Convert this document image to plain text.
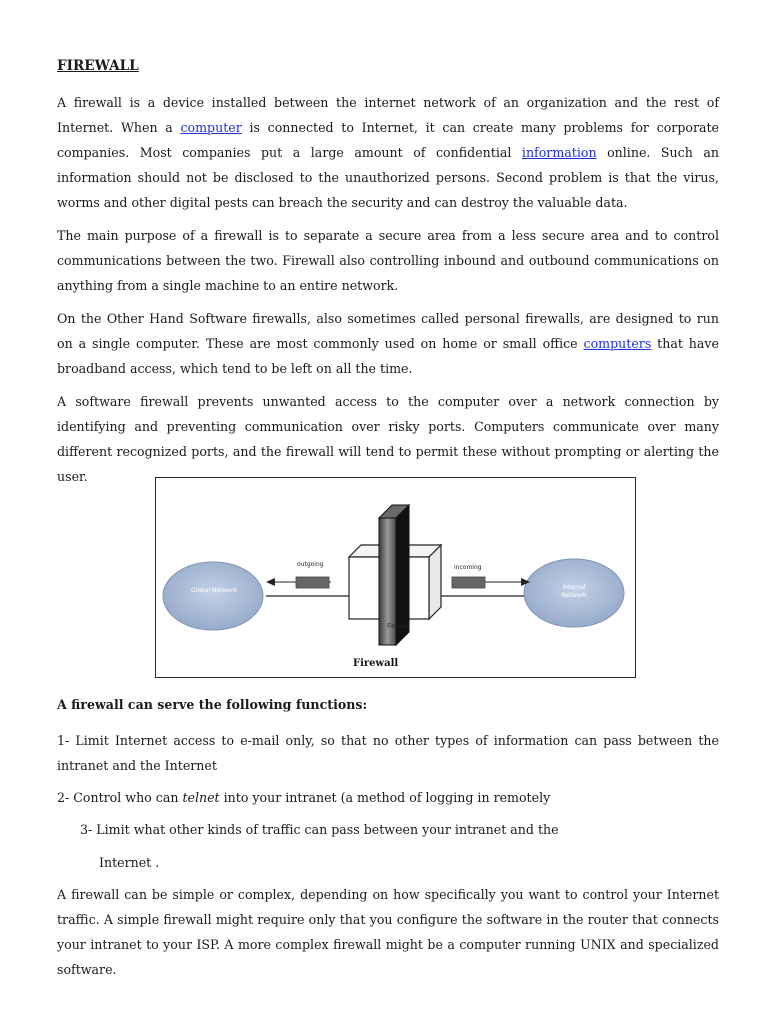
FIREWALL

A firewall is a device installed between the internet network of an organization and the rest of Internet. When a computer is connected to Internet, it can create many problems for corporate companies. Most companies put a large amount of confidential information online. Such an information should not be disclosed to the unauthorized persons. Second problem is that the virus, worms and other digital pests can breach the security and can destroy the valuable data.

The main purpose of a firewall is to separate a secure area from a less secure area and to control communications between the two. Firewall also controlling inbound and outbound communications on anything from a single machine to an entire network.

On the Other Hand Software firewalls, also sometimes called personal firewalls, are designed to run on a single computer. These are most commonly used on home or small office computers that have broadband access, which tend to be left on all the time.

A software firewall prevents unwanted access to the computer over a network connection by identifying and preventing communication over risky ports. Computers communicate over many different recognized ports, and the firewall will tend to permit these without prompting or alerting the user.

Global Network	Internal Network
outgoing	incoming
Firewall
Firewall

A firewall can serve the following functions:

1- Limit Internet access to e-mail only, so that no other types of information can pass between the intranet and the Internet

2- Control who can telnet into your intranet (a method of logging in remotely

3- Limit what other kinds of traffic can pass between your intranet and the

Internet .

A firewall can be simple or complex, depending on how specifically you want to control your Internet traffic. A simple firewall might require only that you configure the software in the router that connects your intranet to your ISP. A more complex firewall might be a computer running UNIX and specialized software.
